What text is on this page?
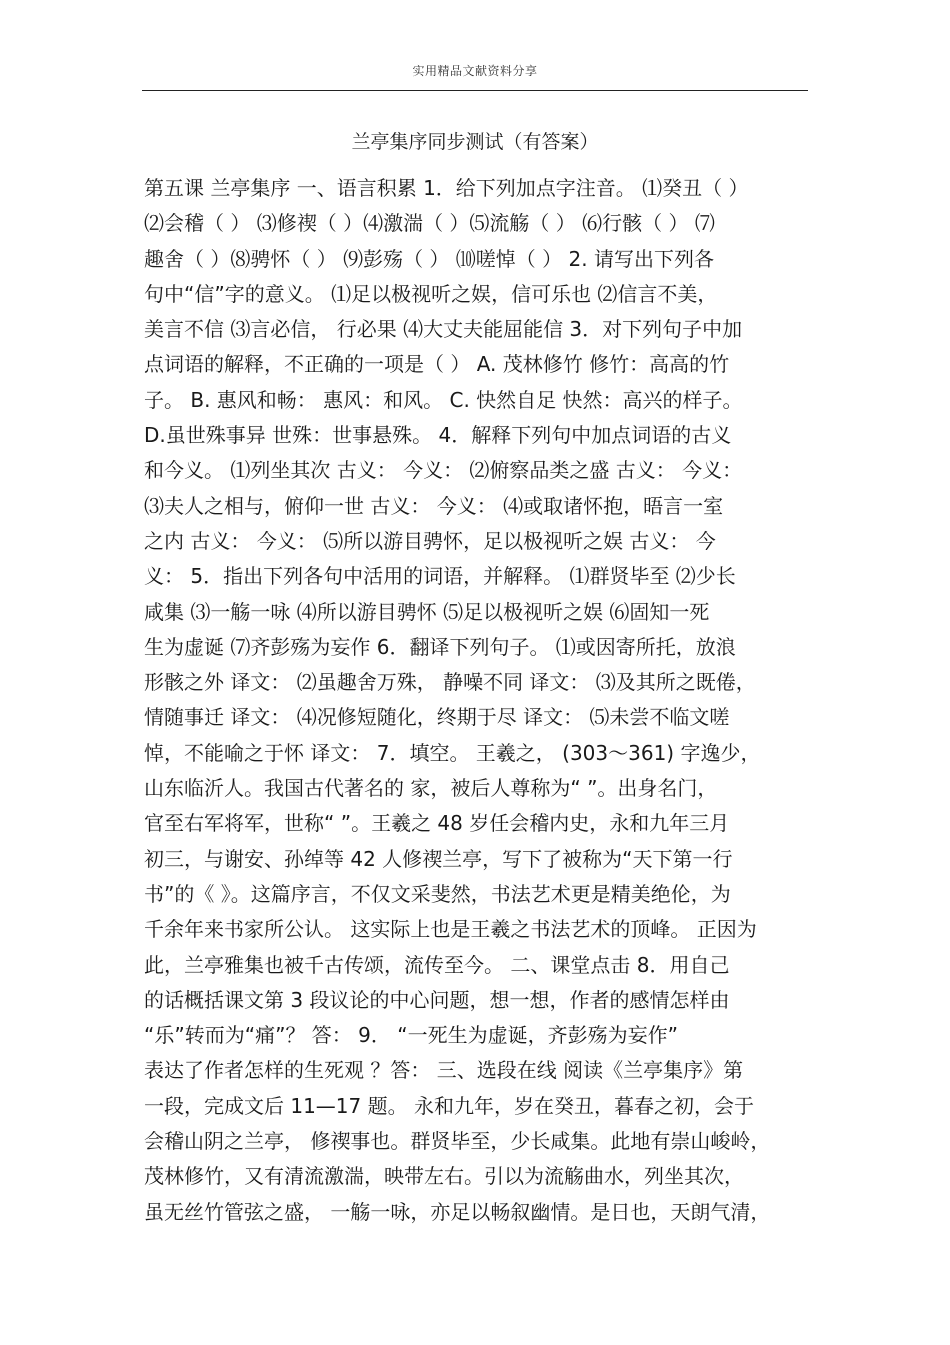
实用精品文献资料分享
兰亭集序同步测试（有答案）
第五课 兰亭集序 一、语言积累 1．给下列加点字注音。 ⑴癸丑（ ）
⑵会稽（ ） ⑶修禊（ ）⑷激湍（ ）⑸流觞（ ） ⑹行骸（ ） ⑺
趣舍（ ）⑻骋怀（ ） ⑼彭殇（ ） ⑽嗟悼（ ） 2. 请写出下列各
句中“信”字的意义。 ⑴足以极视听之娱，信可乐也 ⑵信言不美，
美言不信 ⑶言必信， 行必果 ⑷大丈夫能屈能信 3．对下列句子中加
点词语的解释，不正确的一项是（ ） A. 茂林修竹 修竹：高高的竹
子。 B. 惠风和畅： 惠风：和风。 C. 快然自足 快然：高兴的样子。
D.虽世殊事异 世殊：世事悬殊。 4．解释下列句中加点词语的古义
和今义。 ⑴列坐其次 古义： 今义： ⑵俯察品类之盛 古义： 今义：
⑶夫人之相与，俯仰一世 古义： 今义： ⑷或取诸怀抱，晤言一室
之内 古义： 今义： ⑸所以游目骋怀，足以极视听之娱 古义： 今
义： 5．指出下列各句中活用的词语，并解释。 ⑴群贤毕至 ⑵少长
咸集 ⑶一觞一咏 ⑷所以游目骋怀 ⑸足以极视听之娱 ⑹固知一死
生为虚诞 ⑺齐彭殇为妄作 6．翻译下列句子。 ⑴或因寄所托，放浪
形骸之外 译文： ⑵虽趣舍万殊， 静噪不同 译文： ⑶及其所之既倦，
情随事迁 译文： ⑷况修短随化，终期于尽 译文： ⑸未尝不临文嗟
悼，不能喻之于怀 译文： 7．填空。 王羲之， (303～361) 字逸少，
山东临沂人。我国古代著名的 家，被后人尊称为“ ”。出身名门，
官至右军将军，世称“ ”。王羲之 48 岁任会稽内史，永和九年三月
初三，与谢安、孙绰等 42 人修禊兰亭，写下了被称为“天下第一行
书”的《 》。这篇序言，不仅文采斐然，书法艺术更是精美绝伦，为
千余年来书家所公认。 这实际上也是王羲之书法艺术的顶峰。 正因为
此，兰亭雅集也被千古传颂，流传至今。 二、课堂点击 8．用自己
的话概括课文第 3 段议论的中心问题，想一想，作者的感情怎样由
“乐”转而为“痛”？ 答： 9． “一死生为虚诞，齐彭殇为妄作”
表达了作者怎样的生死观 ？答： 三、选段在线 阅读《兰亭集序》第
一段，完成文后 11—17 题。 永和九年，岁在癸丑，暮春之初，会于
会稽山阴之兰亭， 修禊事也。群贤毕至，少长咸集。此地有崇山峻岭，
茂林修竹，又有清流激湍，映带左右。引以为流觞曲水，列坐其次，
虽无丝竹管弦之盛， 一觞一咏，亦足以畅叙幽情。是日也，天朗气清，
